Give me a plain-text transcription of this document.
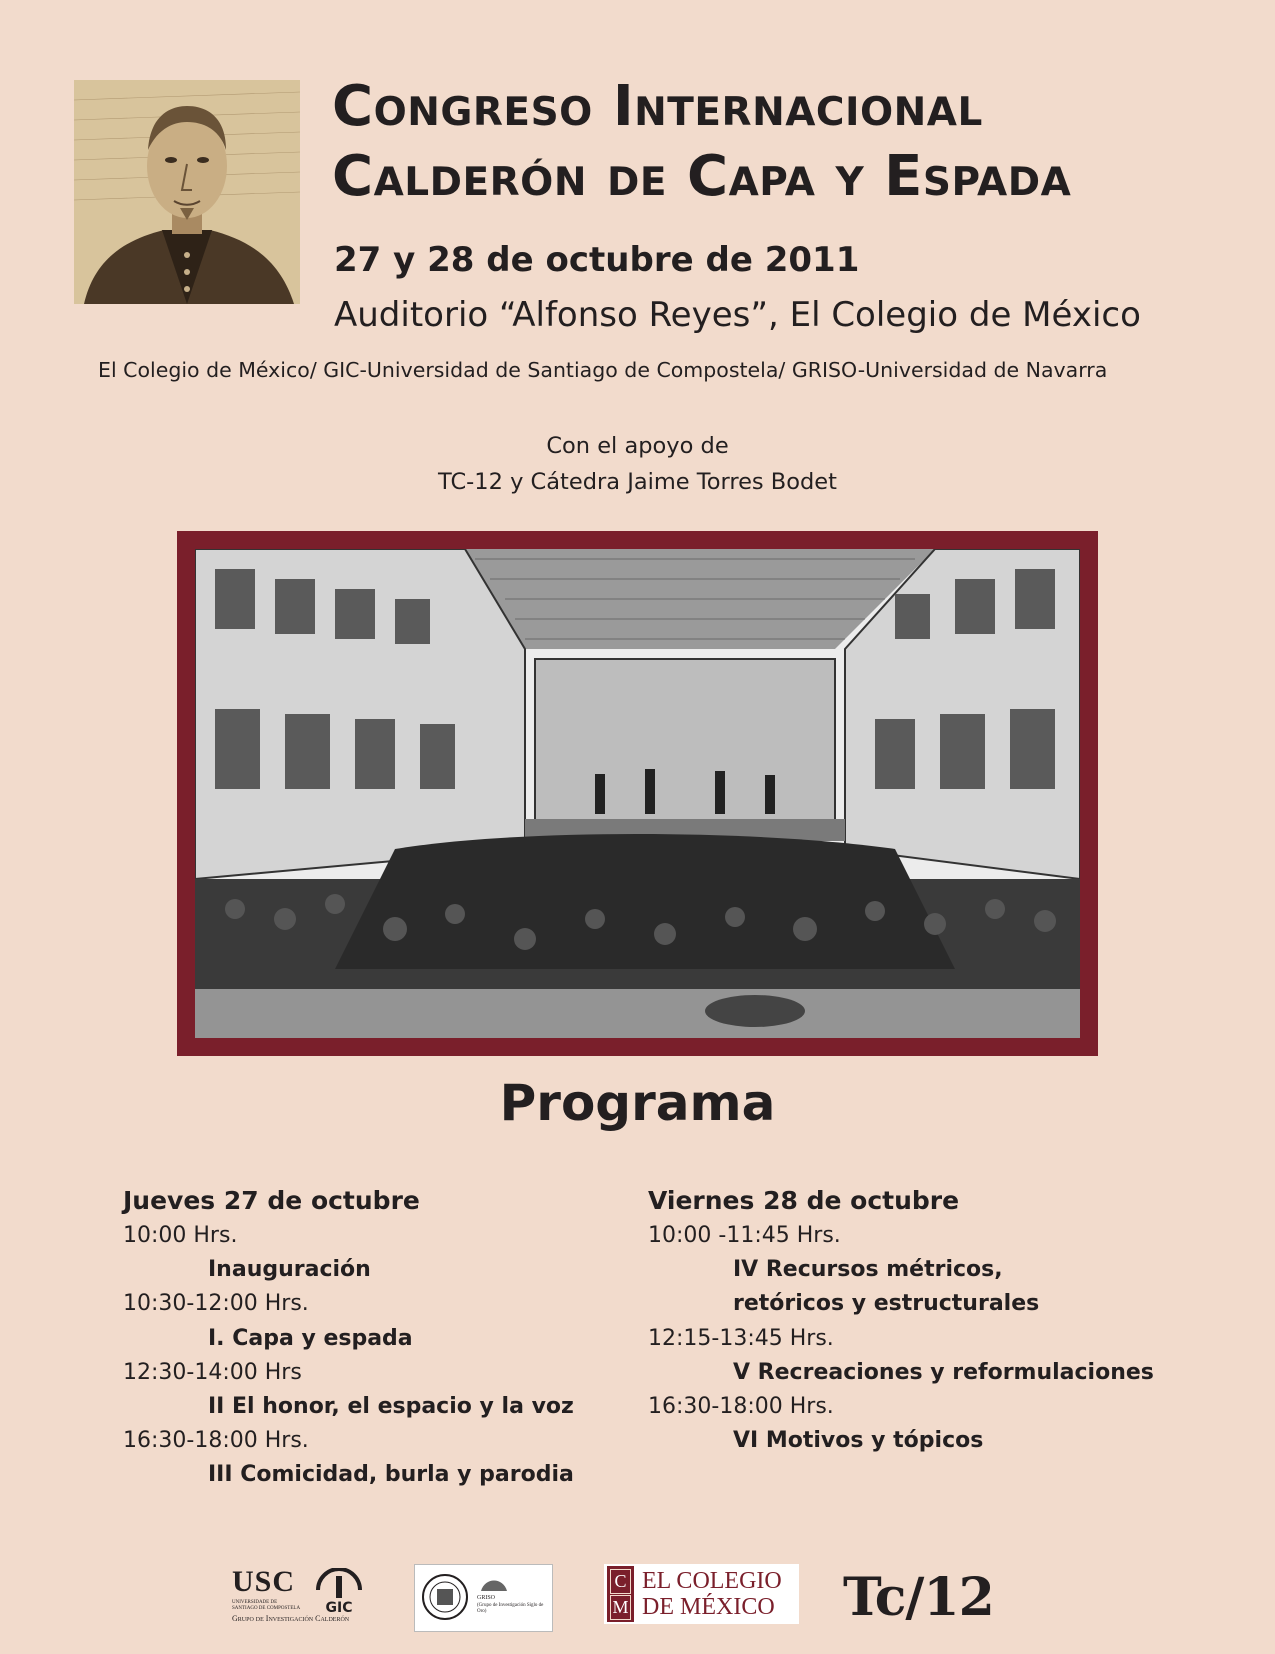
Congreso Internacional
Calderón de Capa y Espada
27 y 28 de octubre de 2011
Auditorio “Alfonso Reyes”, El Colegio de México
El Colegio de México/ GIC-Universidad de Santiago de Compostela/ GRISO-Universidad de Navarra
Con el apoyo de
TC-12 y Cátedra Jaime Torres Bodet
Programa
Jueves 27 de octubre
10:00 Hrs.
Inauguración
10:30-12:00 Hrs.
I. Capa y espada
12:30-14:00 Hrs
II El honor, el espacio y la voz
16:30-18:00 Hrs.
III Comicidad, burla y parodia
Viernes 28 de octubre
10:00 -11:45 Hrs.
IV Recursos métricos,
retóricos y estructurales
12:15-13:45 Hrs.
V Recreaciones y reformulaciones
16:30-18:00 Hrs.
VI Motivos y tópicos
USC
UNIVERSIDADE DE SANTIAGO DE COMPOSTELA GIC
Grupo de Investigación Calderón
GRISO
(Grupo de Investigación Siglo de Oro)
C
M
EL COLEGIO
DE MÉXICO Tc/12
